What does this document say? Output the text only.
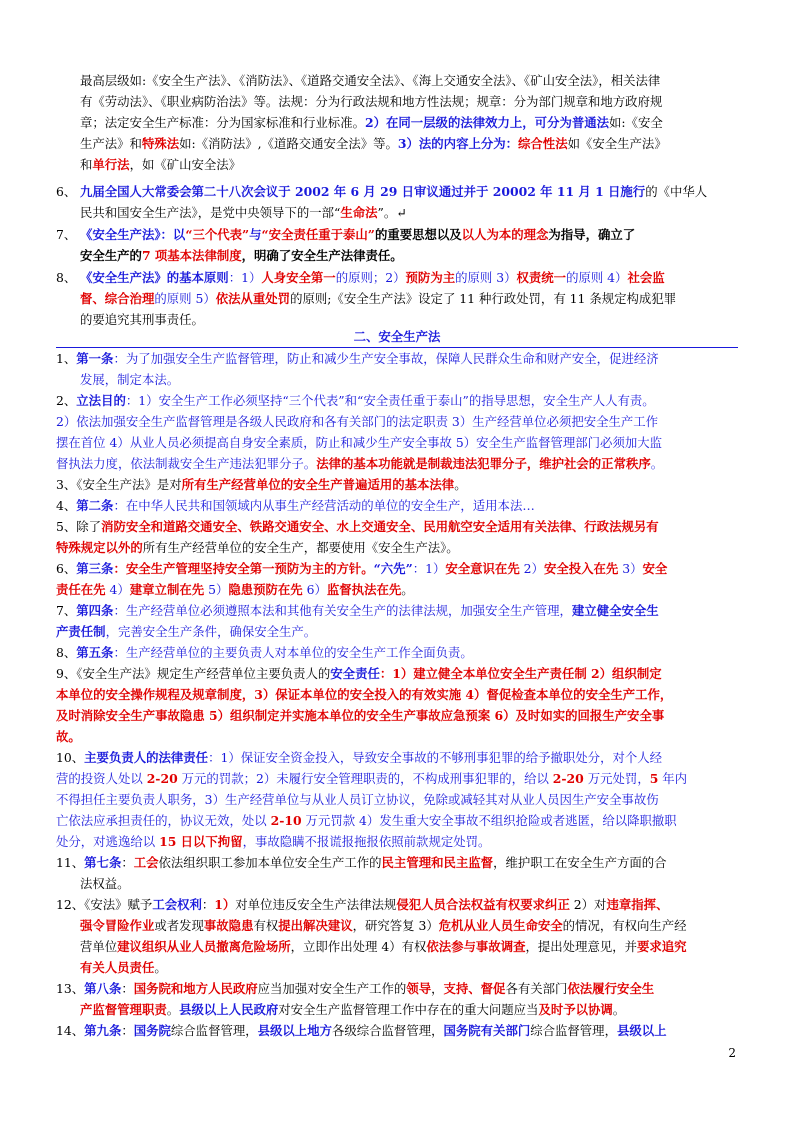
最高层级如:《安全生产法》、《消防法》、《道路交通安全法》、《海上交通安全法》、《矿山安全法》，相关法律
有《劳动法》、《职业病防治法》等。法规：分为行政法规和地方性法规；规章：分为部门规章和地方政府规
章；法定安全生产标准：分为国家标准和行业标准。2）在同一层级的法律效力上，可分为普通法如:《安全
生产法》和特殊法如:《消防法》,《道路交通安全法》等。3）法的内容上分为：综合性法如《安全生产法》
和单行法，如《矿山安全法》
6、 九届全国人大常委会第二十八次会议于 2002 年 6 月 29 日审议通过并于 20002 年 11 月 1 日施行的《中华人
民共和国安全生产法》，是党中央领导下的一部“生命法”。↵
7、 《安全生产法》：以“三个代表”与“安全责任重于泰山”的重要思想以及以人为本的理念为指导，确立了
安全生产的7 项基本法律制度，明确了安全生产法律责任。
8、 《安全生产法》的基本原则：1）人身安全第一的原则；2）预防为主的原则 3）权责统一的原则 4）社会监
督、综合治理的原则 5）依法从重处罚的原则;《安全生产法》设定了 11 种行政处罚，有 11 条规定构成犯罪
的要追究其刑事责任。
二、安全生产法
1、第一条：为了加强安全生产监督管理，防止和减少生产安全事故，保障人民群众生命和财产安全，促进经济
发展，制定本法。
2、立法目的：1）安全生产工作必须坚持“三个代表”和“安全责任重于泰山”的指导思想，安全生产人人有责。
2）依法加强安全生产监督管理是各级人民政府和各有关部门的法定职责 3）生产经营单位必须把安全生产工作
摆在首位 4）从业人员必须提高自身安全素质，防止和减少生产安全事故 5）安全生产监督管理部门必须加大监
督执法力度，依法制裁安全生产违法犯罪分子。法律的基本功能就是制裁违法犯罪分子，维护社会的正常秩序。
3、《安全生产法》是对所有生产经营单位的安全生产普遍适用的基本法律。
4、第二条：在中华人民共和国领域内从事生产经营活动的单位的安全生产，适用本法…
5、除了消防安全和道路交通安全、铁路交通安全、水上交通安全、民用航空安全适用有关法律、行政法规另有
特殊规定以外的所有生产经营单位的安全生产，都要使用《安全生产法》。
6、第三条：安全生产管理坚持安全第一预防为主的方针。“六先”：1）安全意识在先 2）安全投入在先 3）安全
责任在先 4）建章立制在先 5）隐患预防在先 6）监督执法在先。
7、第四条：生产经营单位必须遵照本法和其他有关安全生产的法律法规，加强安全生产管理，建立健全安全生
产责任制，完善安全生产条件，确保安全生产。
8、第五条：生产经营单位的主要负责人对本单位的安全生产工作全面负责。
9、《安全生产法》规定生产经营单位主要负责人的安全责任：1）建立健全本单位安全生产责任制 2）组织制定
本单位的安全操作规程及规章制度，3）保证本单位的安全投入的有效实施 4）督促检查本单位的安全生产工作，
及时消除安全生产事故隐患 5）组织制定并实施本单位的安全生产事故应急预案 6）及时如实的回报生产安全事
故。
10、主要负责人的法律责任：1）保证安全资金投入，导致安全事故的不够刑事犯罪的给予撤职处分，对个人经
营的投资人处以 2-20 万元的罚款；2）未履行安全管理职责的，不构成刑事犯罪的，给以 2-20 万元处罚，5 年内
不得担任主要负责人职务，3）生产经营单位与从业人员订立协议，免除或减轻其对从业人员因生产安全事故伤
亡依法应承担责任的，协议无效，处以 2-10 万元罚款 4）发生重大安全事故不组织抢险或者逃匿，给以降职撤职
处分，对逃逸给以 15 日以下拘留，事故隐瞒不报谎报拖报依照前款规定处罚。
11、第七条：工会依法组织职工参加本单位安全生产工作的民主管理和民主监督，维护职工在安全生产方面的合
法权益。
12、《安法》赋予工会权利：1）对单位违反安全生产法律法规侵犯人员合法权益有权要求纠正 2）对违章指挥、
强令冒险作业或者发现事故隐患有权提出解决建议，研究答复 3）危机从业人员生命安全的情况，有权向生产经
营单位建议组织从业人员撤离危险场所，立即作出处理 4）有权依法参与事故调查，提出处理意见，并要求追究
有关人员责任。
13、第八条：国务院和地方人民政府应当加强对安全生产工作的领导，支持、督促各有关部门依法履行安全生
产监督管理职责。县级以上人民政府对安全生产监督管理工作中存在的重大问题应当及时予以协调。
14、第九条：国务院综合监督管理，县级以上地方各级综合监督管理，国务院有关部门综合监督管理，县级以上
2
